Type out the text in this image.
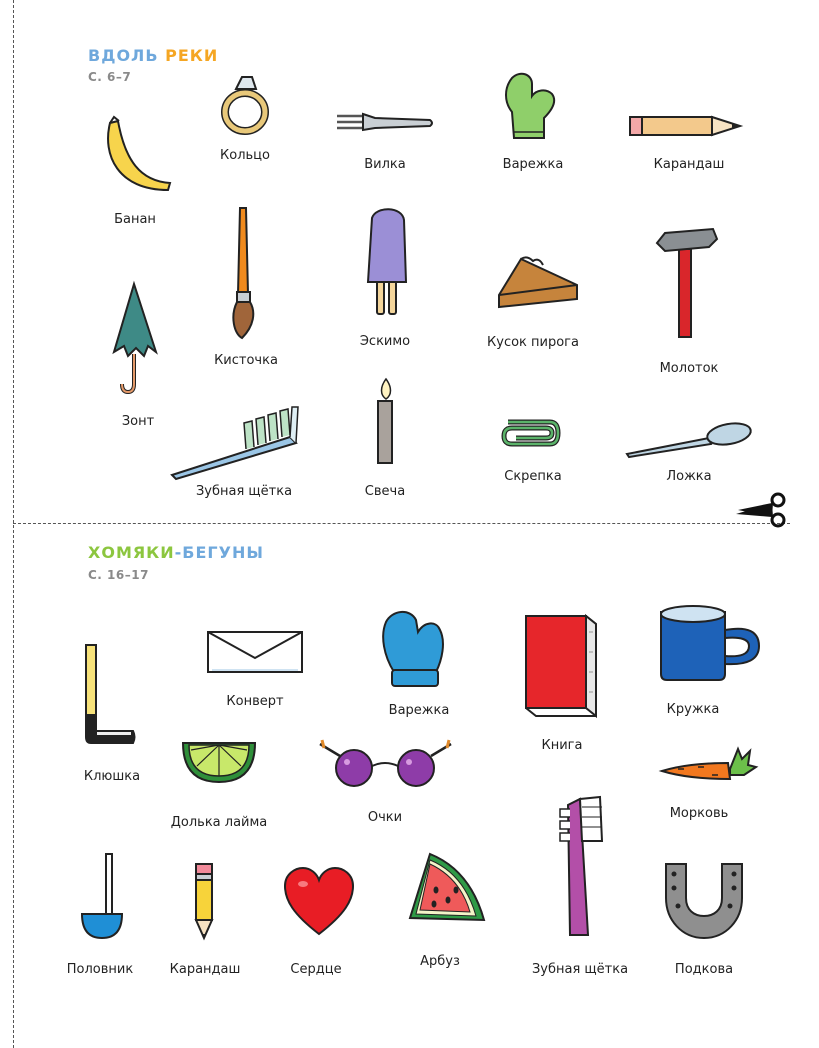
ВДОЛЬ РЕКИ
С. 6–7
Банан
Кольцо
Вилка	Варежка	Карандаш
Кисточка
Эскимо	Кусок пирога
Молоток
Зонт
Зубная щётка	Свеча
Скрепка	Ложка
ХОМЯКИ-БЕГУНЫ
С. 16–17
Клюшка
Конверт
Варежка
Книга
Кружка
Долька лайма	Очки	Морковь
Половник	Карандаш	Сердце
Арбуз
Зубная щётка	Подкова
